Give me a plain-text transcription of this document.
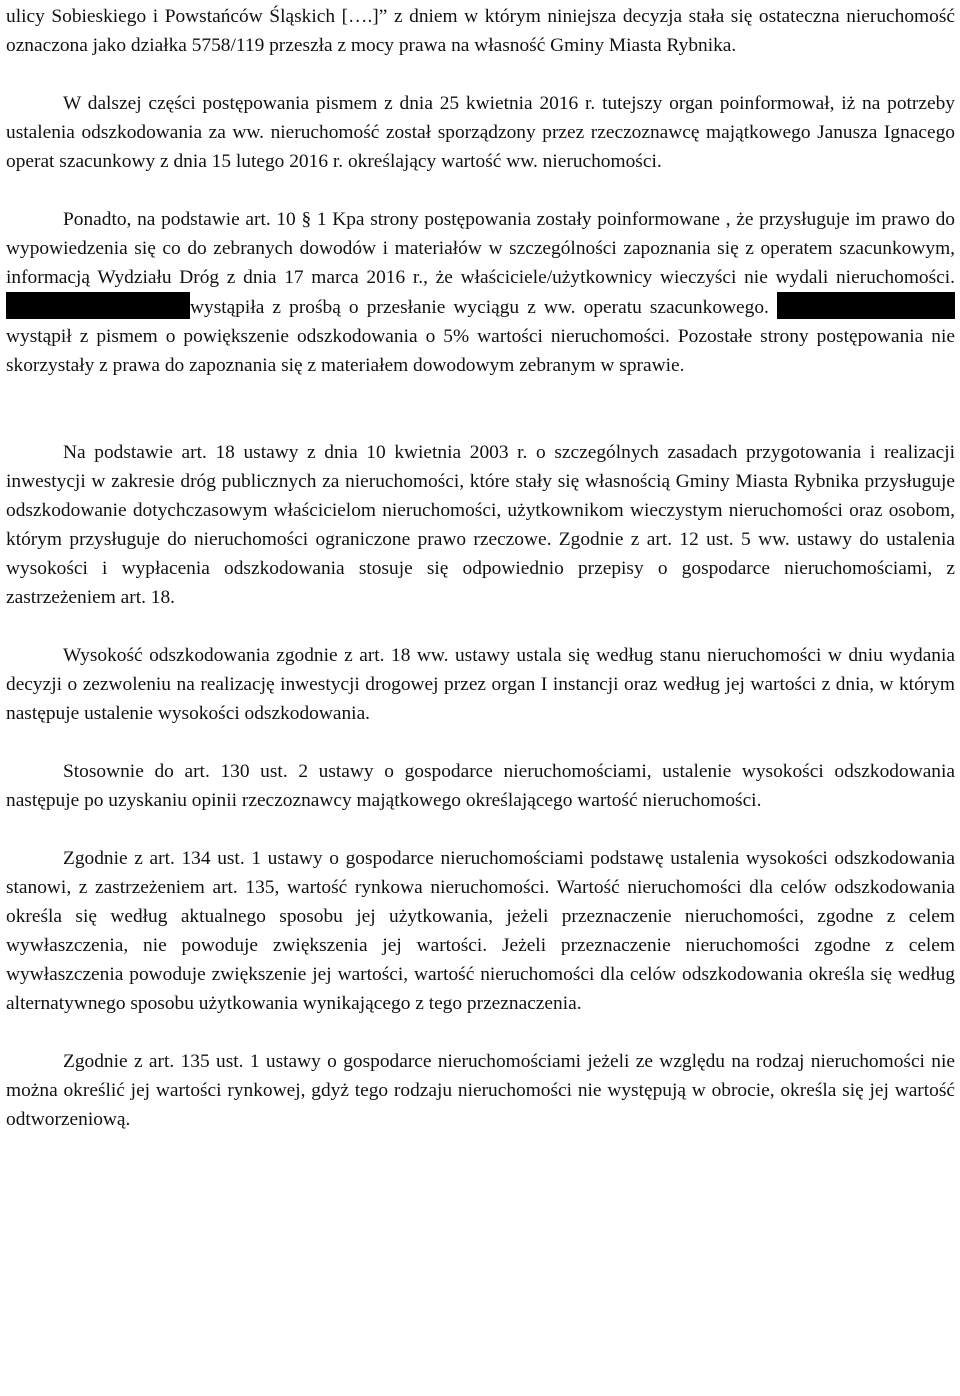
ulicy Sobieskiego i Powstańców Śląskich [….]” z dniem w którym niniejsza decyzja stała się ostateczna nieruchomość oznaczona jako działka 5758/119 przeszła z mocy prawa na własność Gminy Miasta Rybnika.

W dalszej części postępowania pismem z dnia 25 kwietnia 2016 r. tutejszy organ poinformował, iż na potrzeby ustalenia odszkodowania za ww. nieruchomość został sporządzony przez rzeczoznawcę majątkowego Janusza Ignacego operat szacunkowy z dnia 15 lutego 2016 r. określający wartość ww. nieruchomości.

Ponadto, na podstawie art. 10 § 1 Kpa strony postępowania zostały poinformowane , że przysługuje im prawo do wypowiedzenia się co do zebranych dowodów i materiałów w szczególności zapoznania się z operatem szacunkowym, informacją Wydziału Dróg z dnia 17 marca 2016 r., że właściciele/użytkownicy wieczyści nie wydali nieruchomości. wystąpiła z prośbą o przesłanie wyciągu z ww. operatu szacunkowego. wystąpił z pismem o powiększenie odszkodowania o 5% wartości nieruchomości. Pozostałe strony postępowania nie skorzystały z prawa do zapoznania się z materiałem dowodowym zebranym w sprawie.

Na podstawie art. 18 ustawy z dnia 10 kwietnia 2003 r. o szczególnych zasadach przygotowania i realizacji inwestycji w zakresie dróg publicznych za nieruchomości, które stały się własnością Gminy Miasta Rybnika przysługuje odszkodowanie dotychczasowym właścicielom nieruchomości, użytkownikom wieczystym nieruchomości oraz osobom, którym przysługuje do nieruchomości ograniczone prawo rzeczowe. Zgodnie z art. 12 ust. 5 ww. ustawy do ustalenia wysokości i wypłacenia odszkodowania stosuje się odpowiednio przepisy o gospodarce nieruchomościami, z zastrzeżeniem art. 18.

Wysokość odszkodowania zgodnie z art. 18 ww. ustawy ustala się według stanu nieruchomości w dniu wydania decyzji o zezwoleniu na realizację inwestycji drogowej przez organ I instancji oraz według jej wartości z dnia, w którym następuje ustalenie wysokości odszkodowania.

Stosownie do art. 130 ust. 2 ustawy o gospodarce nieruchomościami, ustalenie wysokości odszkodowania następuje po uzyskaniu opinii rzeczoznawcy majątkowego określającego wartość nieruchomości.

Zgodnie z art. 134 ust. 1 ustawy o gospodarce nieruchomościami podstawę ustalenia wysokości odszkodowania stanowi, z zastrzeżeniem art. 135, wartość rynkowa nieruchomości. Wartość nieruchomości dla celów odszkodowania określa się według aktualnego sposobu jej użytkowania, jeżeli przeznaczenie nieruchomości, zgodne z celem wywłaszczenia, nie powoduje zwiększenia jej wartości. Jeżeli przeznaczenie nieruchomości zgodne z celem wywłaszczenia powoduje zwiększenie jej wartości, wartość nieruchomości dla celów odszkodowania określa się według alternatywnego sposobu użytkowania wynikającego z tego przeznaczenia.

Zgodnie z art. 135 ust. 1 ustawy o gospodarce nieruchomościami jeżeli ze względu na rodzaj nieruchomości nie można określić jej wartości rynkowej, gdyż tego rodzaju nieruchomości nie występują w obrocie, określa się jej wartość odtworzeniową.
